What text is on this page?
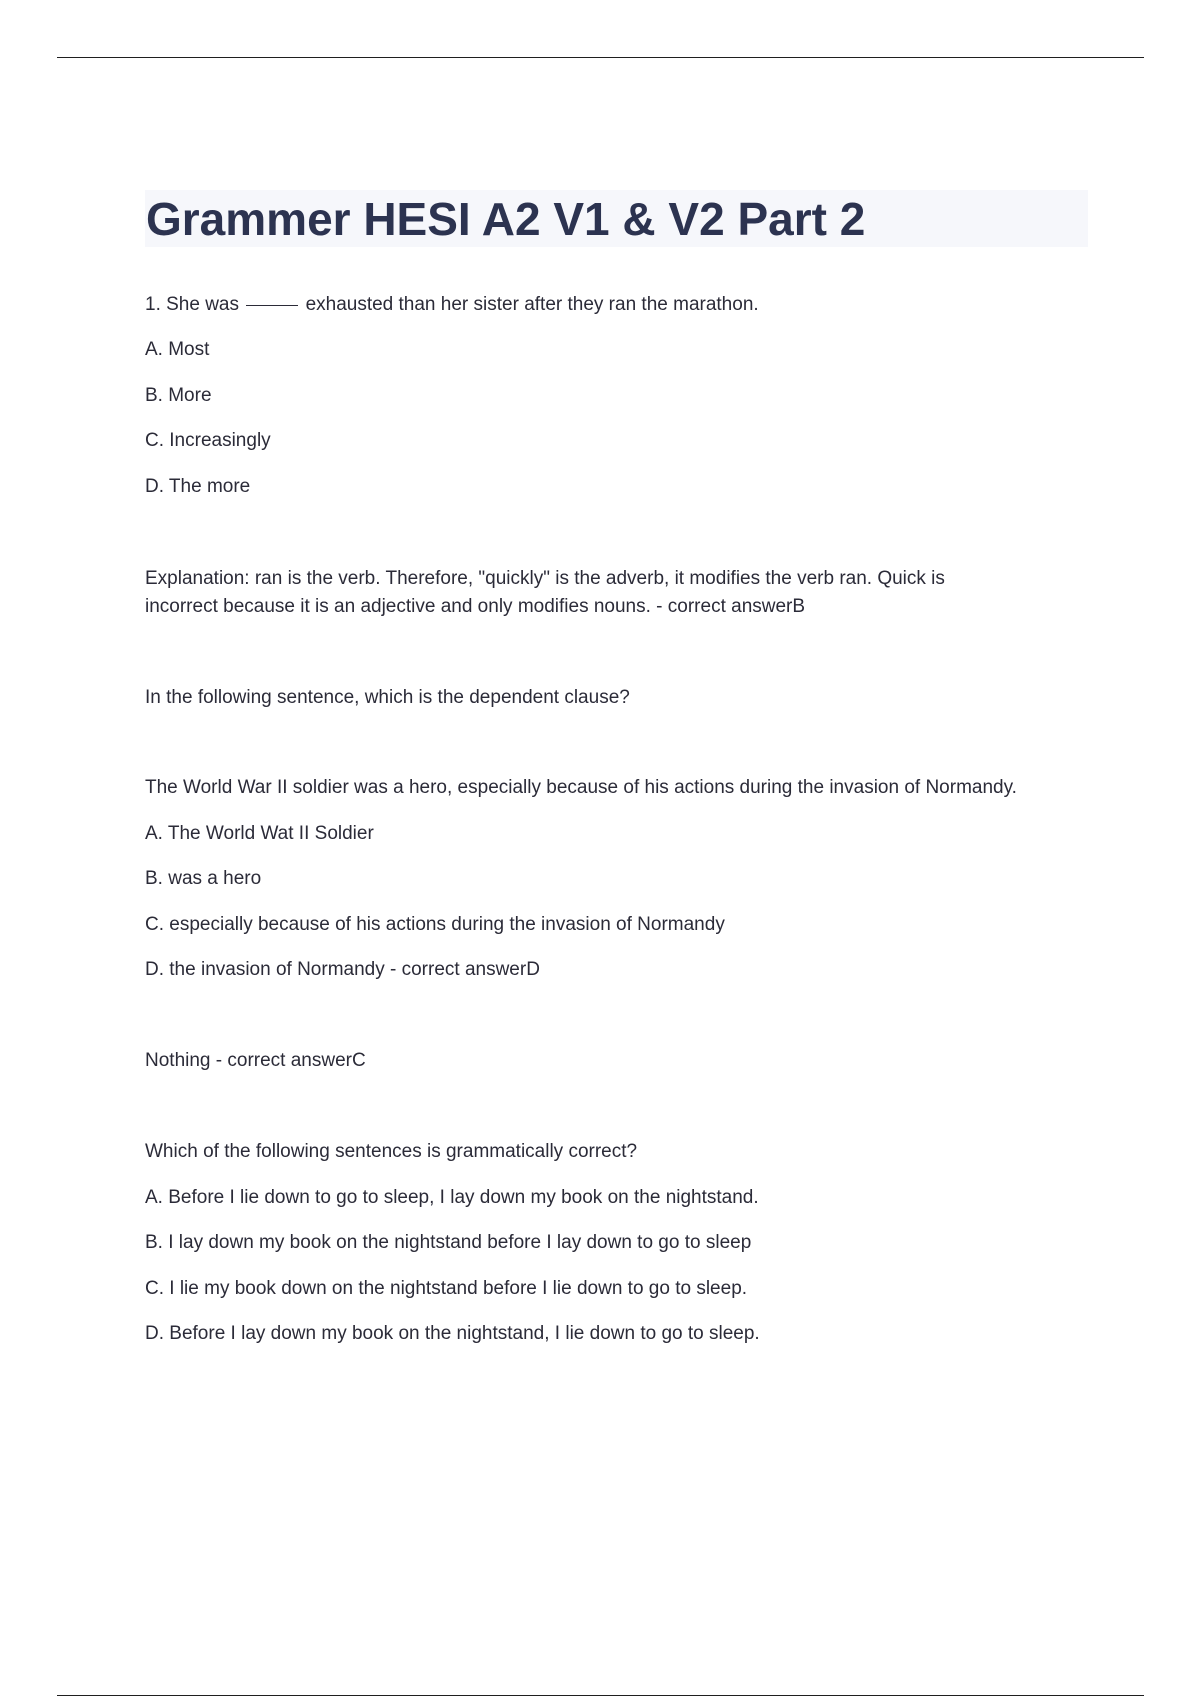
Grammer HESI A2 V1 & V2 Part 2

1. She was	exhausted than her sister after they ran the marathon.

A. Most

B. More

C. Increasingly

D. The more

Explanation: ran is the verb. Therefore, "quickly" is the adverb, it modifies the verb ran. Quick is

incorrect because it is an adjective and only modifies nouns. - correct answerB

In the following sentence, which is the dependent clause?

The World War II soldier was a hero, especially because of his actions during the invasion of Normandy.

A. The World Wat II Soldier

B. was a hero

C. especially because of his actions during the invasion of Normandy

D. the invasion of Normandy - correct answerD

Nothing - correct answerC

Which of the following sentences is grammatically correct?

A. Before I lie down to go to sleep, I lay down my book on the nightstand.

B. I lay down my book on the nightstand before I lay down to go to sleep

C. I lie my book down on the nightstand before I lie down to go to sleep.

D. Before I lay down my book on the nightstand, I lie down to go to sleep.
